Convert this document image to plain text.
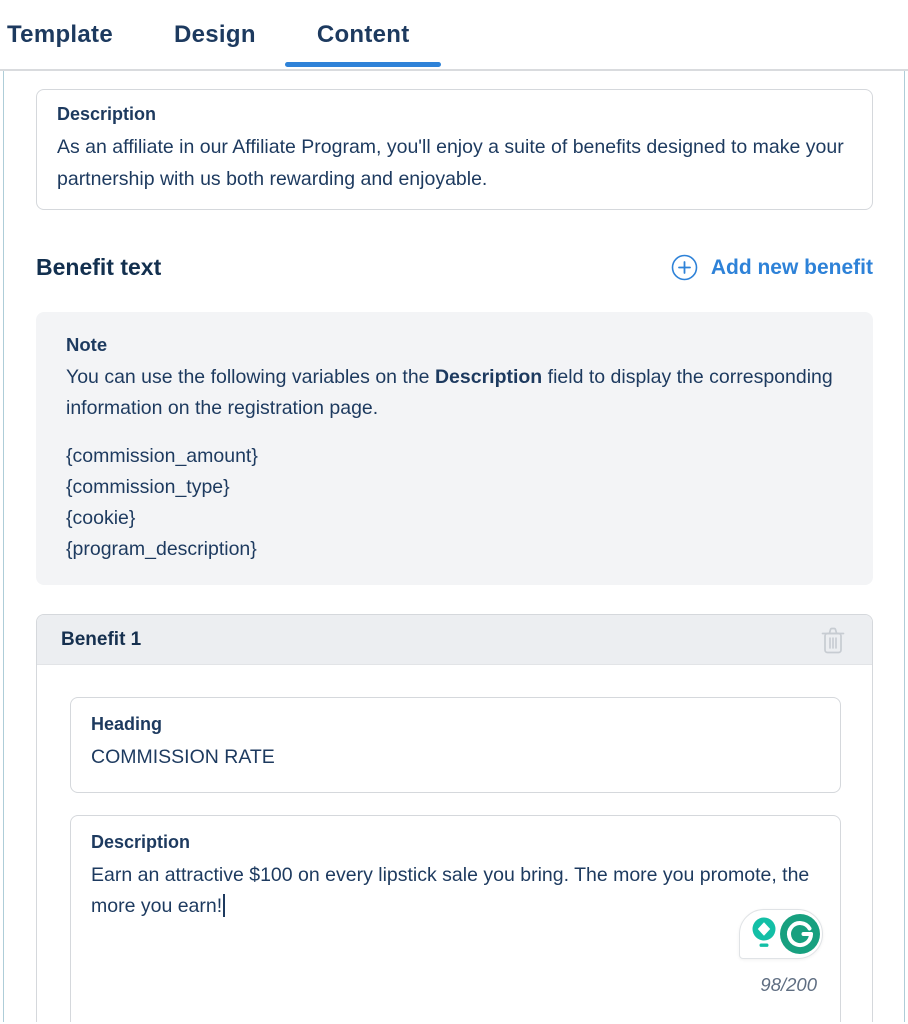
Template	Design	Content
Description
As an affiliate in our Affiliate Program, you'll enjoy a suite of benefits designed to make your partnership with us both rewarding and enjoyable.
Benefit text	Add new benefit
Note

You can use the following variables on the Description field to display the corresponding information on the registration page.

{commission_amount}
{commission_type}
{cookie}
{program_description}
Benefit 1
Heading
COMMISSION RATE
Description
Earn an attractive $100 on every lipstick sale you bring. The more you promote, the more you earn!
98/200
